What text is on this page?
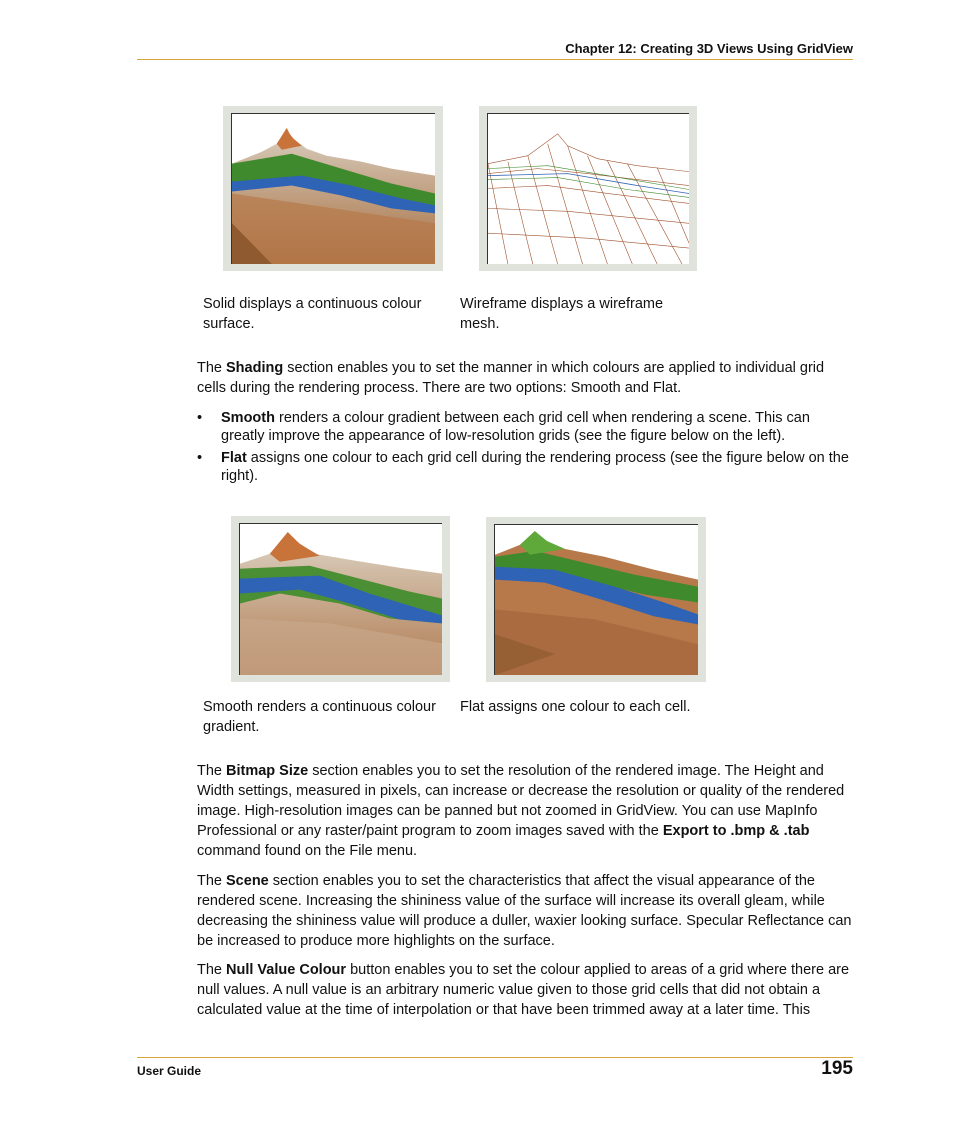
Chapter 12: Creating 3D Views Using GridView
Solid displays a continuous colour
surface.
Wireframe displays a wireframe
mesh.
The Shading section enables you to set the manner in which colours are applied to individual grid cells during the rendering process. There are two options: Smooth and Flat.
• Smooth renders a colour gradient between each grid cell when rendering a scene. This can greatly improve the appearance of low-resolution grids (see the figure below on the left).
• Flat assigns one colour to each grid cell during the rendering process (see the figure below on the right).
Smooth renders a continuous colour
gradient.
Flat assigns one colour to each cell.
The Bitmap Size section enables you to set the resolution of the rendered image. The Height and Width settings, measured in pixels, can increase or decrease the resolution or quality of the rendered image. High-resolution images can be panned but not zoomed in GridView. You can use MapInfo Professional or any raster/paint program to zoom images saved with the Export to .bmp & .tab command found on the File menu.
The Scene section enables you to set the characteristics that affect the visual appearance of the rendered scene. Increasing the shininess value of the surface will increase its overall gleam, while decreasing the shininess value will produce a duller, waxier looking surface. Specular Reflectance can be increased to produce more highlights on the surface.
The Null Value Colour button enables you to set the colour applied to areas of a grid where there are null values. A null value is an arbitrary numeric value given to those grid cells that did not obtain a calculated value at the time of interpolation or that have been trimmed away at a later time. This
User Guide	195
